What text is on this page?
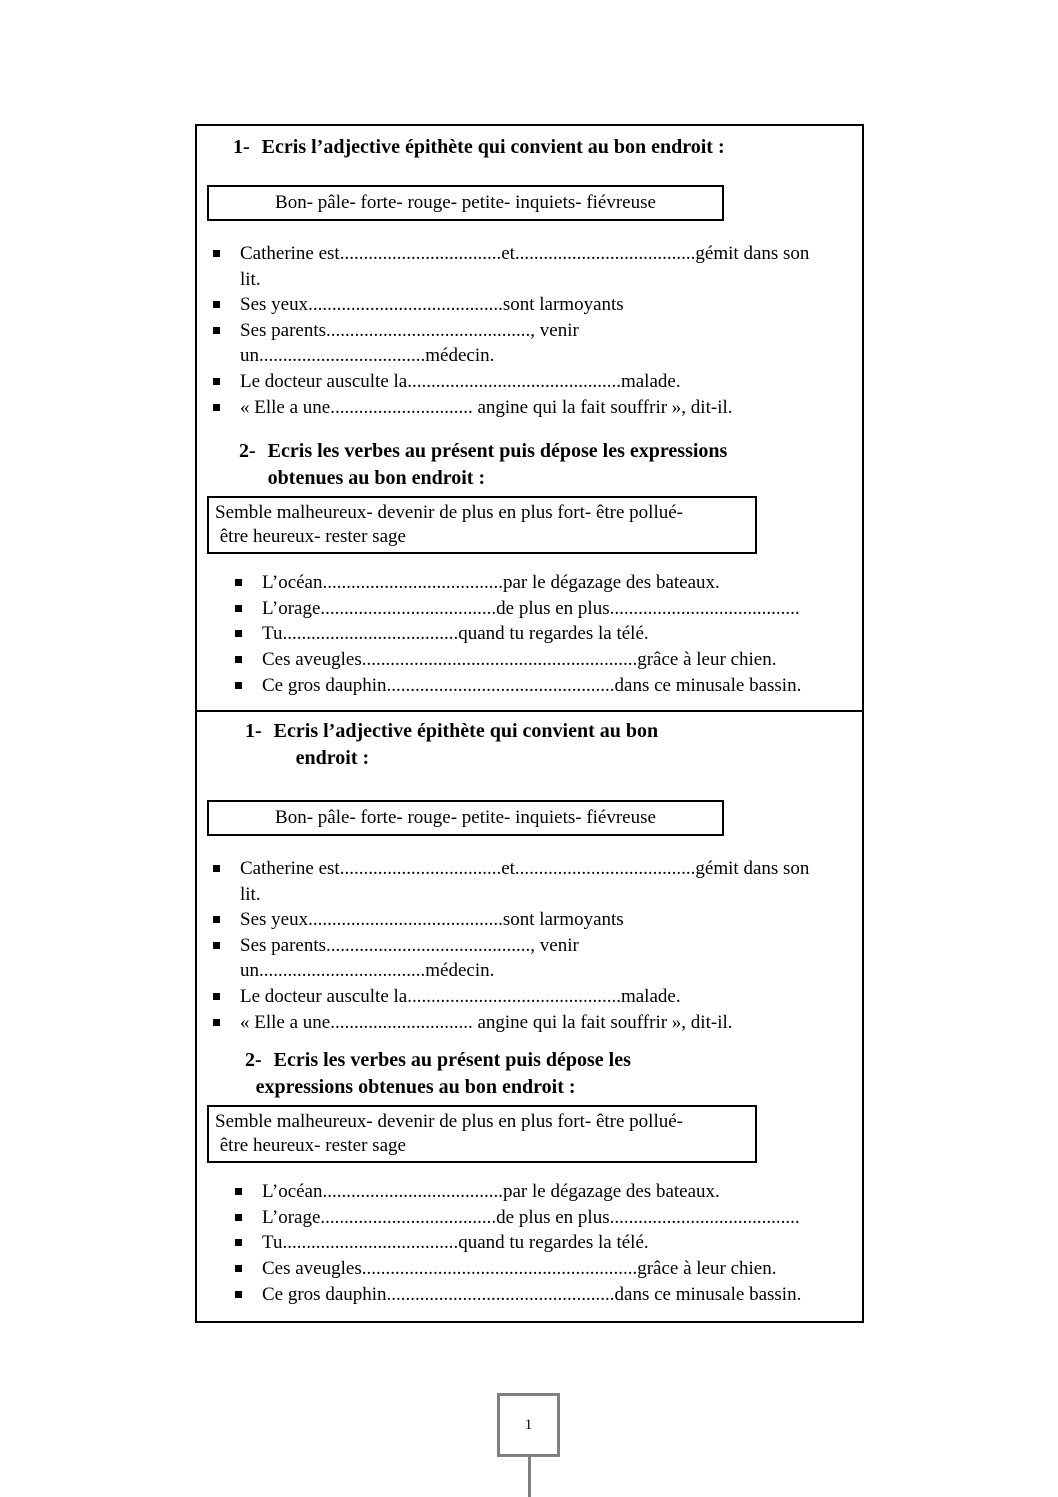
1- Ecris l’adjective épithète qui convient au bon endroit :
Bon- pâle- forte- rouge- petite- inquiets- fiévreuse
Catherine est..................................et......................................gémit dans son
lit.
Ses yeux.........................................sont larmoyants
Ses parents..........................................., venir
un...................................médecin.
Le docteur ausculte la.............................................malade.
« Elle a une.............................. angine qui la fait souffrir », dit-il.
2- Ecris les verbes au présent puis dépose les expressions
obtenues au bon endroit :
Semble malheureux- devenir de plus en plus fort- être pollué-
être heureux- rester sage
L’océan......................................par le dégazage des bateaux.
L’orage.....................................de plus en plus........................................
Tu.....................................quand tu regardes la télé.
Ces aveugles..........................................................grâce à leur chien.
Ce gros dauphin................................................dans ce minusale bassin.
1- Ecris l’adjective épithète qui convient au bon
endroit :
Bon- pâle- forte- rouge- petite- inquiets- fiévreuse
Catherine est..................................et......................................gémit dans son
lit.
Ses yeux.........................................sont larmoyants
Ses parents..........................................., venir
un...................................médecin.
Le docteur ausculte la.............................................malade.
« Elle a une.............................. angine qui la fait souffrir », dit-il.
2- Ecris les verbes au présent puis dépose les
expressions obtenues au bon endroit :
Semble malheureux- devenir de plus en plus fort- être pollué-
être heureux- rester sage
L’océan......................................par le dégazage des bateaux.
L’orage.....................................de plus en plus........................................
Tu.....................................quand tu regardes la télé.
Ces aveugles..........................................................grâce à leur chien.
Ce gros dauphin................................................dans ce minusale bassin.
1
